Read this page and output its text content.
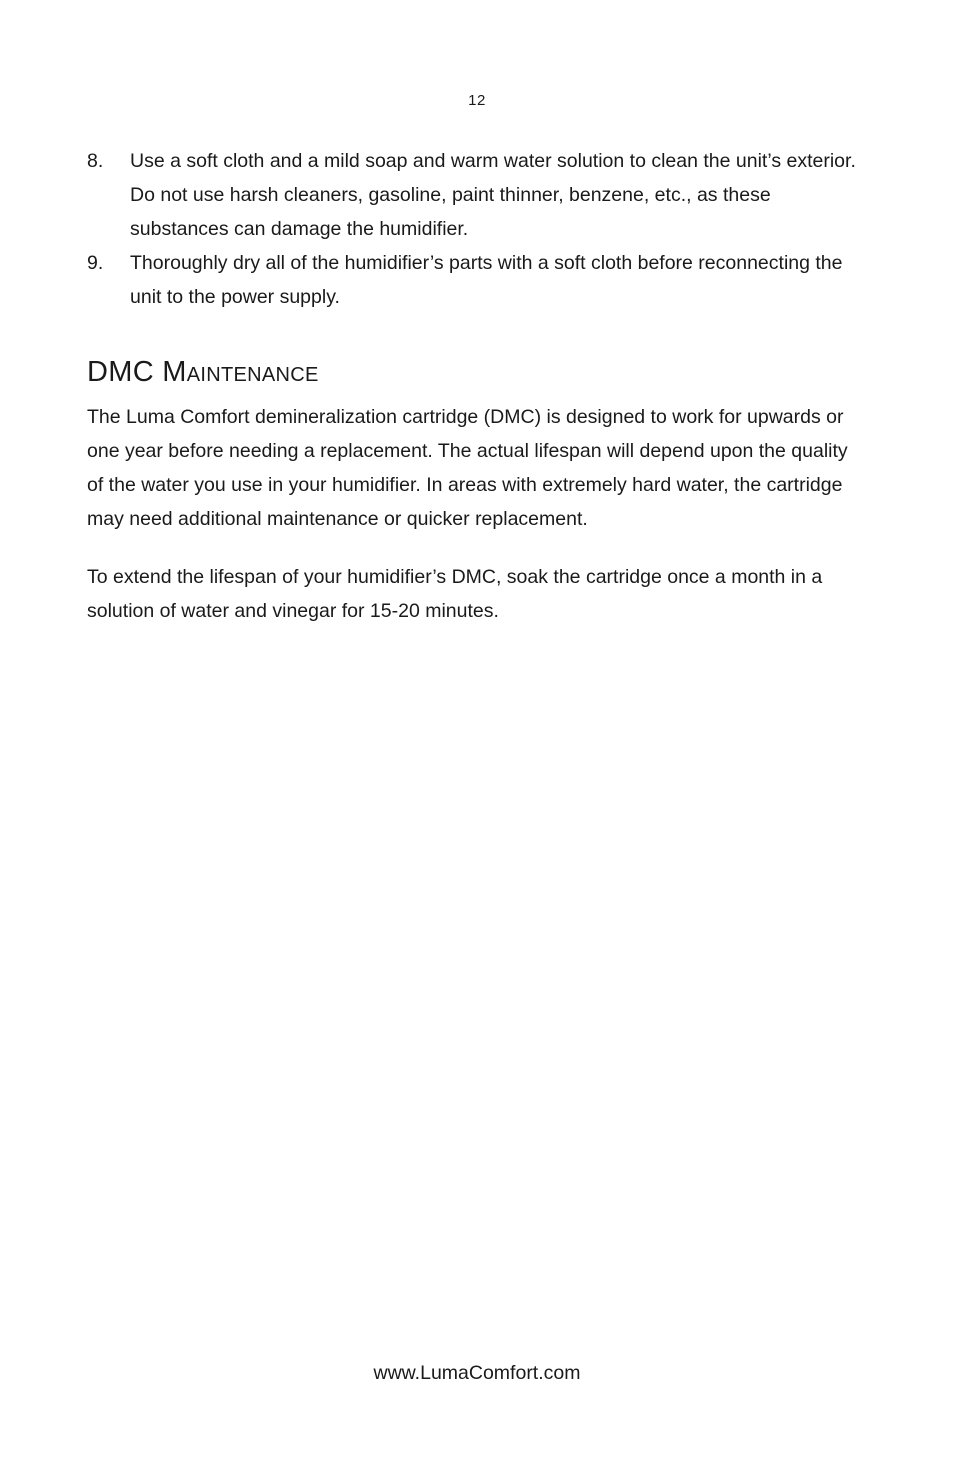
12
8.	Use a soft cloth and a mild soap and warm water solution to clean the unit’s exterior. Do not use harsh cleaners, gasoline, paint thinner, benzene, etc., as these substances can damage the humidifier.
9.	Thoroughly dry all of the humidifier’s parts with a soft cloth before reconnecting the unit to the power supply.
DMC Maintenance

The Luma Comfort demineralization cartridge (DMC) is designed to work for upwards or one year before needing a replacement. The actual lifespan will depend upon the quality of the water you use in your humidifier. In areas with extremely hard water, the cartridge may need additional maintenance or quicker replacement.

To extend the lifespan of your humidifier’s DMC, soak the cartridge once a month in a solution of water and vinegar for 15-20 minutes.

www.LumaComfort.com
